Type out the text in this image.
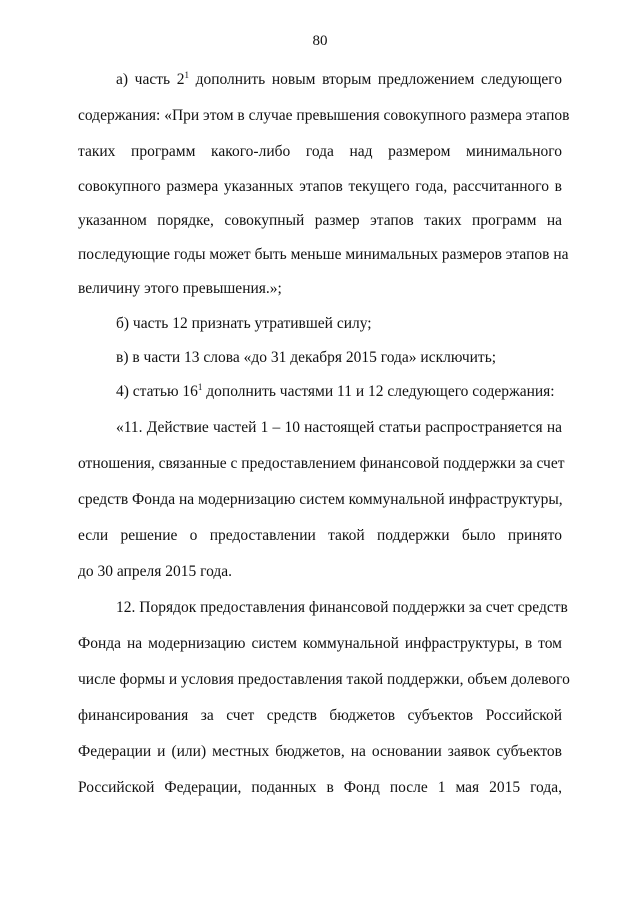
80
а) часть $2^1$ дополнить новым вторым предложением следующего
содержания: «При этом в случае превышения совокупного размера этапов
таких программ какого-либо года над размером минимального
совокупного размера указанных этапов текущего года, рассчитанного в
указанном порядке, совокупный размер этапов таких программ на
последующие годы может быть меньше минимальных размеров этапов на
величину этого превышения.»;
б) часть 12 признать утратившей силу;
в) в части 13 слова «до 31 декабря 2015 года» исключить;
4) статью $16^1$ дополнить частями 11 и 12 следующего содержания:
«11. Действие частей 1 – 10 настоящей статьи распространяется на
отношения, связанные с предоставлением финансовой поддержки за счет
средств Фонда на модернизацию систем коммунальной инфраструктуры,
если решение о предоставлении такой поддержки было принято
до 30 апреля 2015 года.
12. Порядок предоставления финансовой поддержки за счет средств
Фонда на модернизацию систем коммунальной инфраструктуры, в том
числе формы и условия предоставления такой поддержки, объем долевого
финансирования за счет средств бюджетов субъектов Российской
Федерации и (или) местных бюджетов, на основании заявок субъектов
Российской Федерации, поданных в Фонд после 1 мая 2015 года,
